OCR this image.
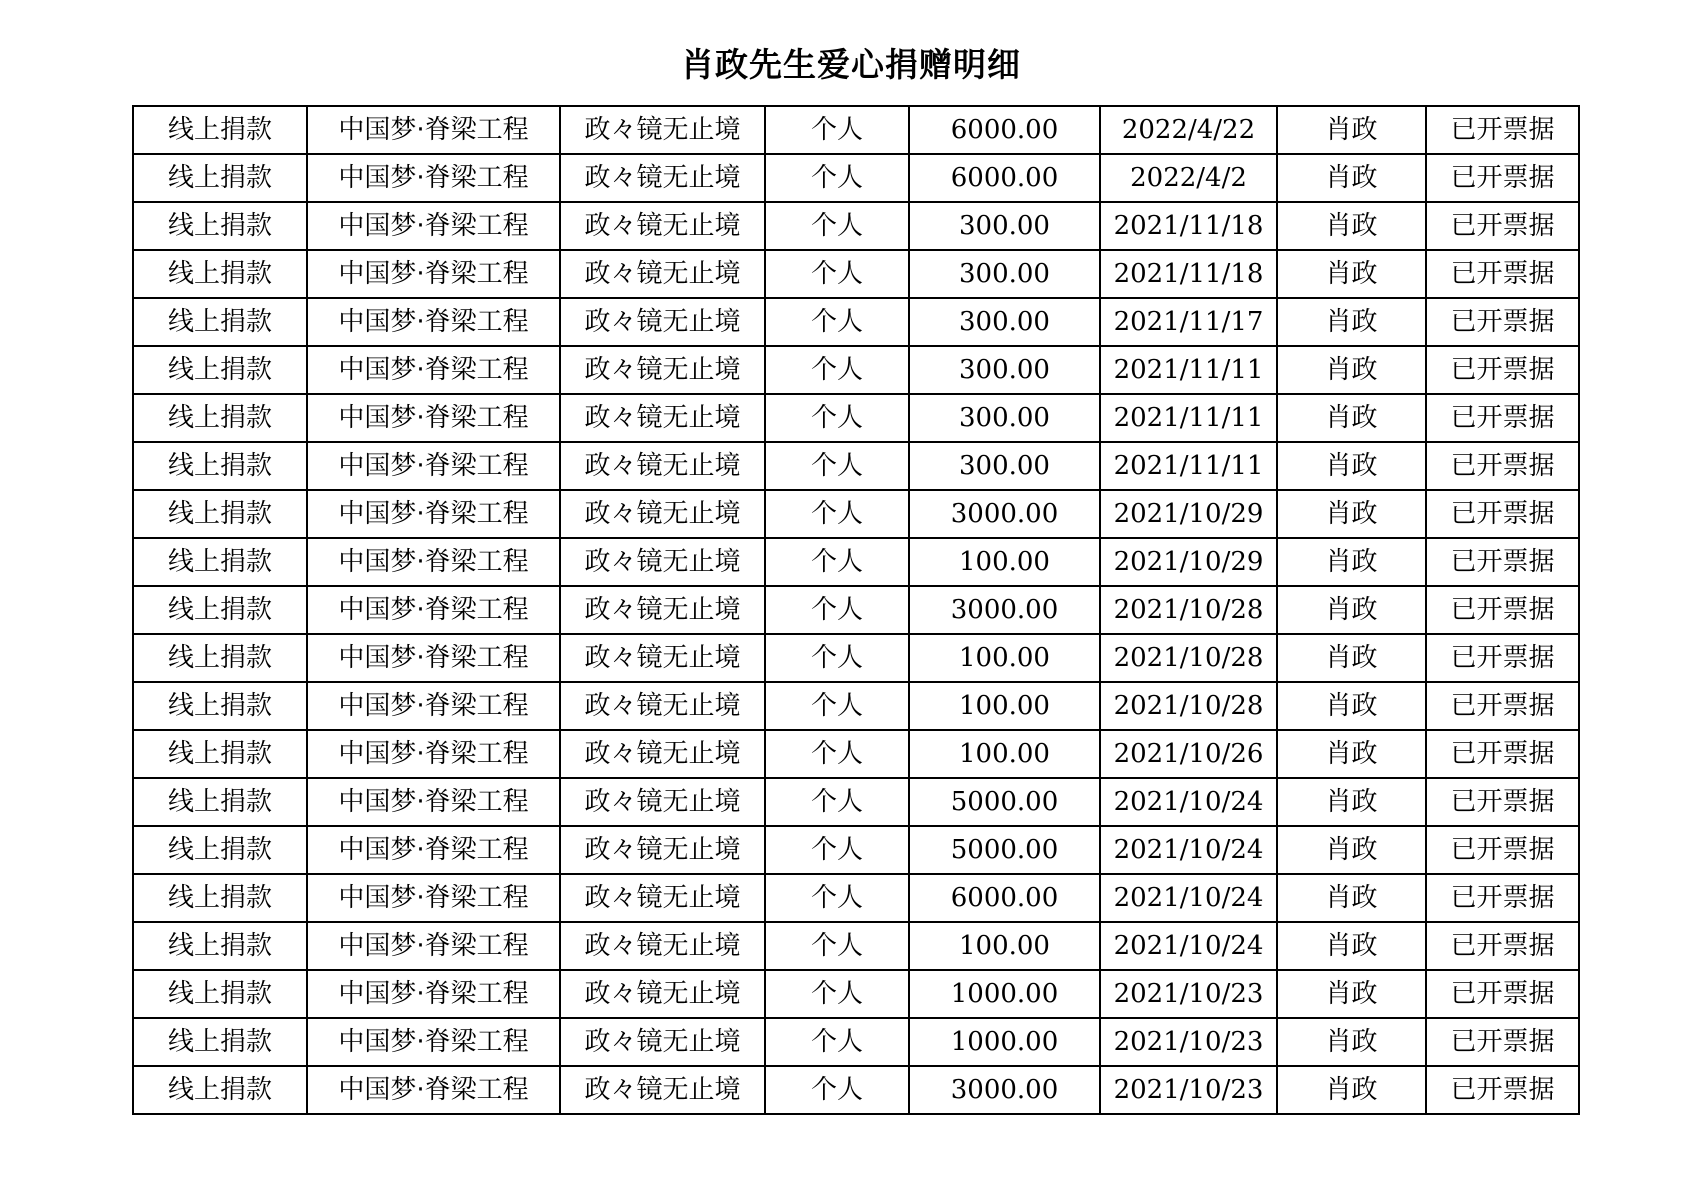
肖政先生爱心捐赠明细
线上捐款	中国梦·脊梁工程	政々镜无止境	个人	6000.00	2022/4/22	肖政	已开票据
线上捐款	中国梦·脊梁工程	政々镜无止境	个人	6000.00	2022/4/2	肖政	已开票据
线上捐款	中国梦·脊梁工程	政々镜无止境	个人	300.00	2021/11/18	肖政	已开票据
线上捐款	中国梦·脊梁工程	政々镜无止境	个人	300.00	2021/11/18	肖政	已开票据
线上捐款	中国梦·脊梁工程	政々镜无止境	个人	300.00	2021/11/17	肖政	已开票据
线上捐款	中国梦·脊梁工程	政々镜无止境	个人	300.00	2021/11/11	肖政	已开票据
线上捐款	中国梦·脊梁工程	政々镜无止境	个人	300.00	2021/11/11	肖政	已开票据
线上捐款	中国梦·脊梁工程	政々镜无止境	个人	300.00	2021/11/11	肖政	已开票据
线上捐款	中国梦·脊梁工程	政々镜无止境	个人	3000.00	2021/10/29	肖政	已开票据
线上捐款	中国梦·脊梁工程	政々镜无止境	个人	100.00	2021/10/29	肖政	已开票据
线上捐款	中国梦·脊梁工程	政々镜无止境	个人	3000.00	2021/10/28	肖政	已开票据
线上捐款	中国梦·脊梁工程	政々镜无止境	个人	100.00	2021/10/28	肖政	已开票据
线上捐款	中国梦·脊梁工程	政々镜无止境	个人	100.00	2021/10/28	肖政	已开票据
线上捐款	中国梦·脊梁工程	政々镜无止境	个人	100.00	2021/10/26	肖政	已开票据
线上捐款	中国梦·脊梁工程	政々镜无止境	个人	5000.00	2021/10/24	肖政	已开票据
线上捐款	中国梦·脊梁工程	政々镜无止境	个人	5000.00	2021/10/24	肖政	已开票据
线上捐款	中国梦·脊梁工程	政々镜无止境	个人	6000.00	2021/10/24	肖政	已开票据
线上捐款	中国梦·脊梁工程	政々镜无止境	个人	100.00	2021/10/24	肖政	已开票据
线上捐款	中国梦·脊梁工程	政々镜无止境	个人	1000.00	2021/10/23	肖政	已开票据
线上捐款	中国梦·脊梁工程	政々镜无止境	个人	1000.00	2021/10/23	肖政	已开票据
线上捐款	中国梦·脊梁工程	政々镜无止境	个人	3000.00	2021/10/23	肖政	已开票据
